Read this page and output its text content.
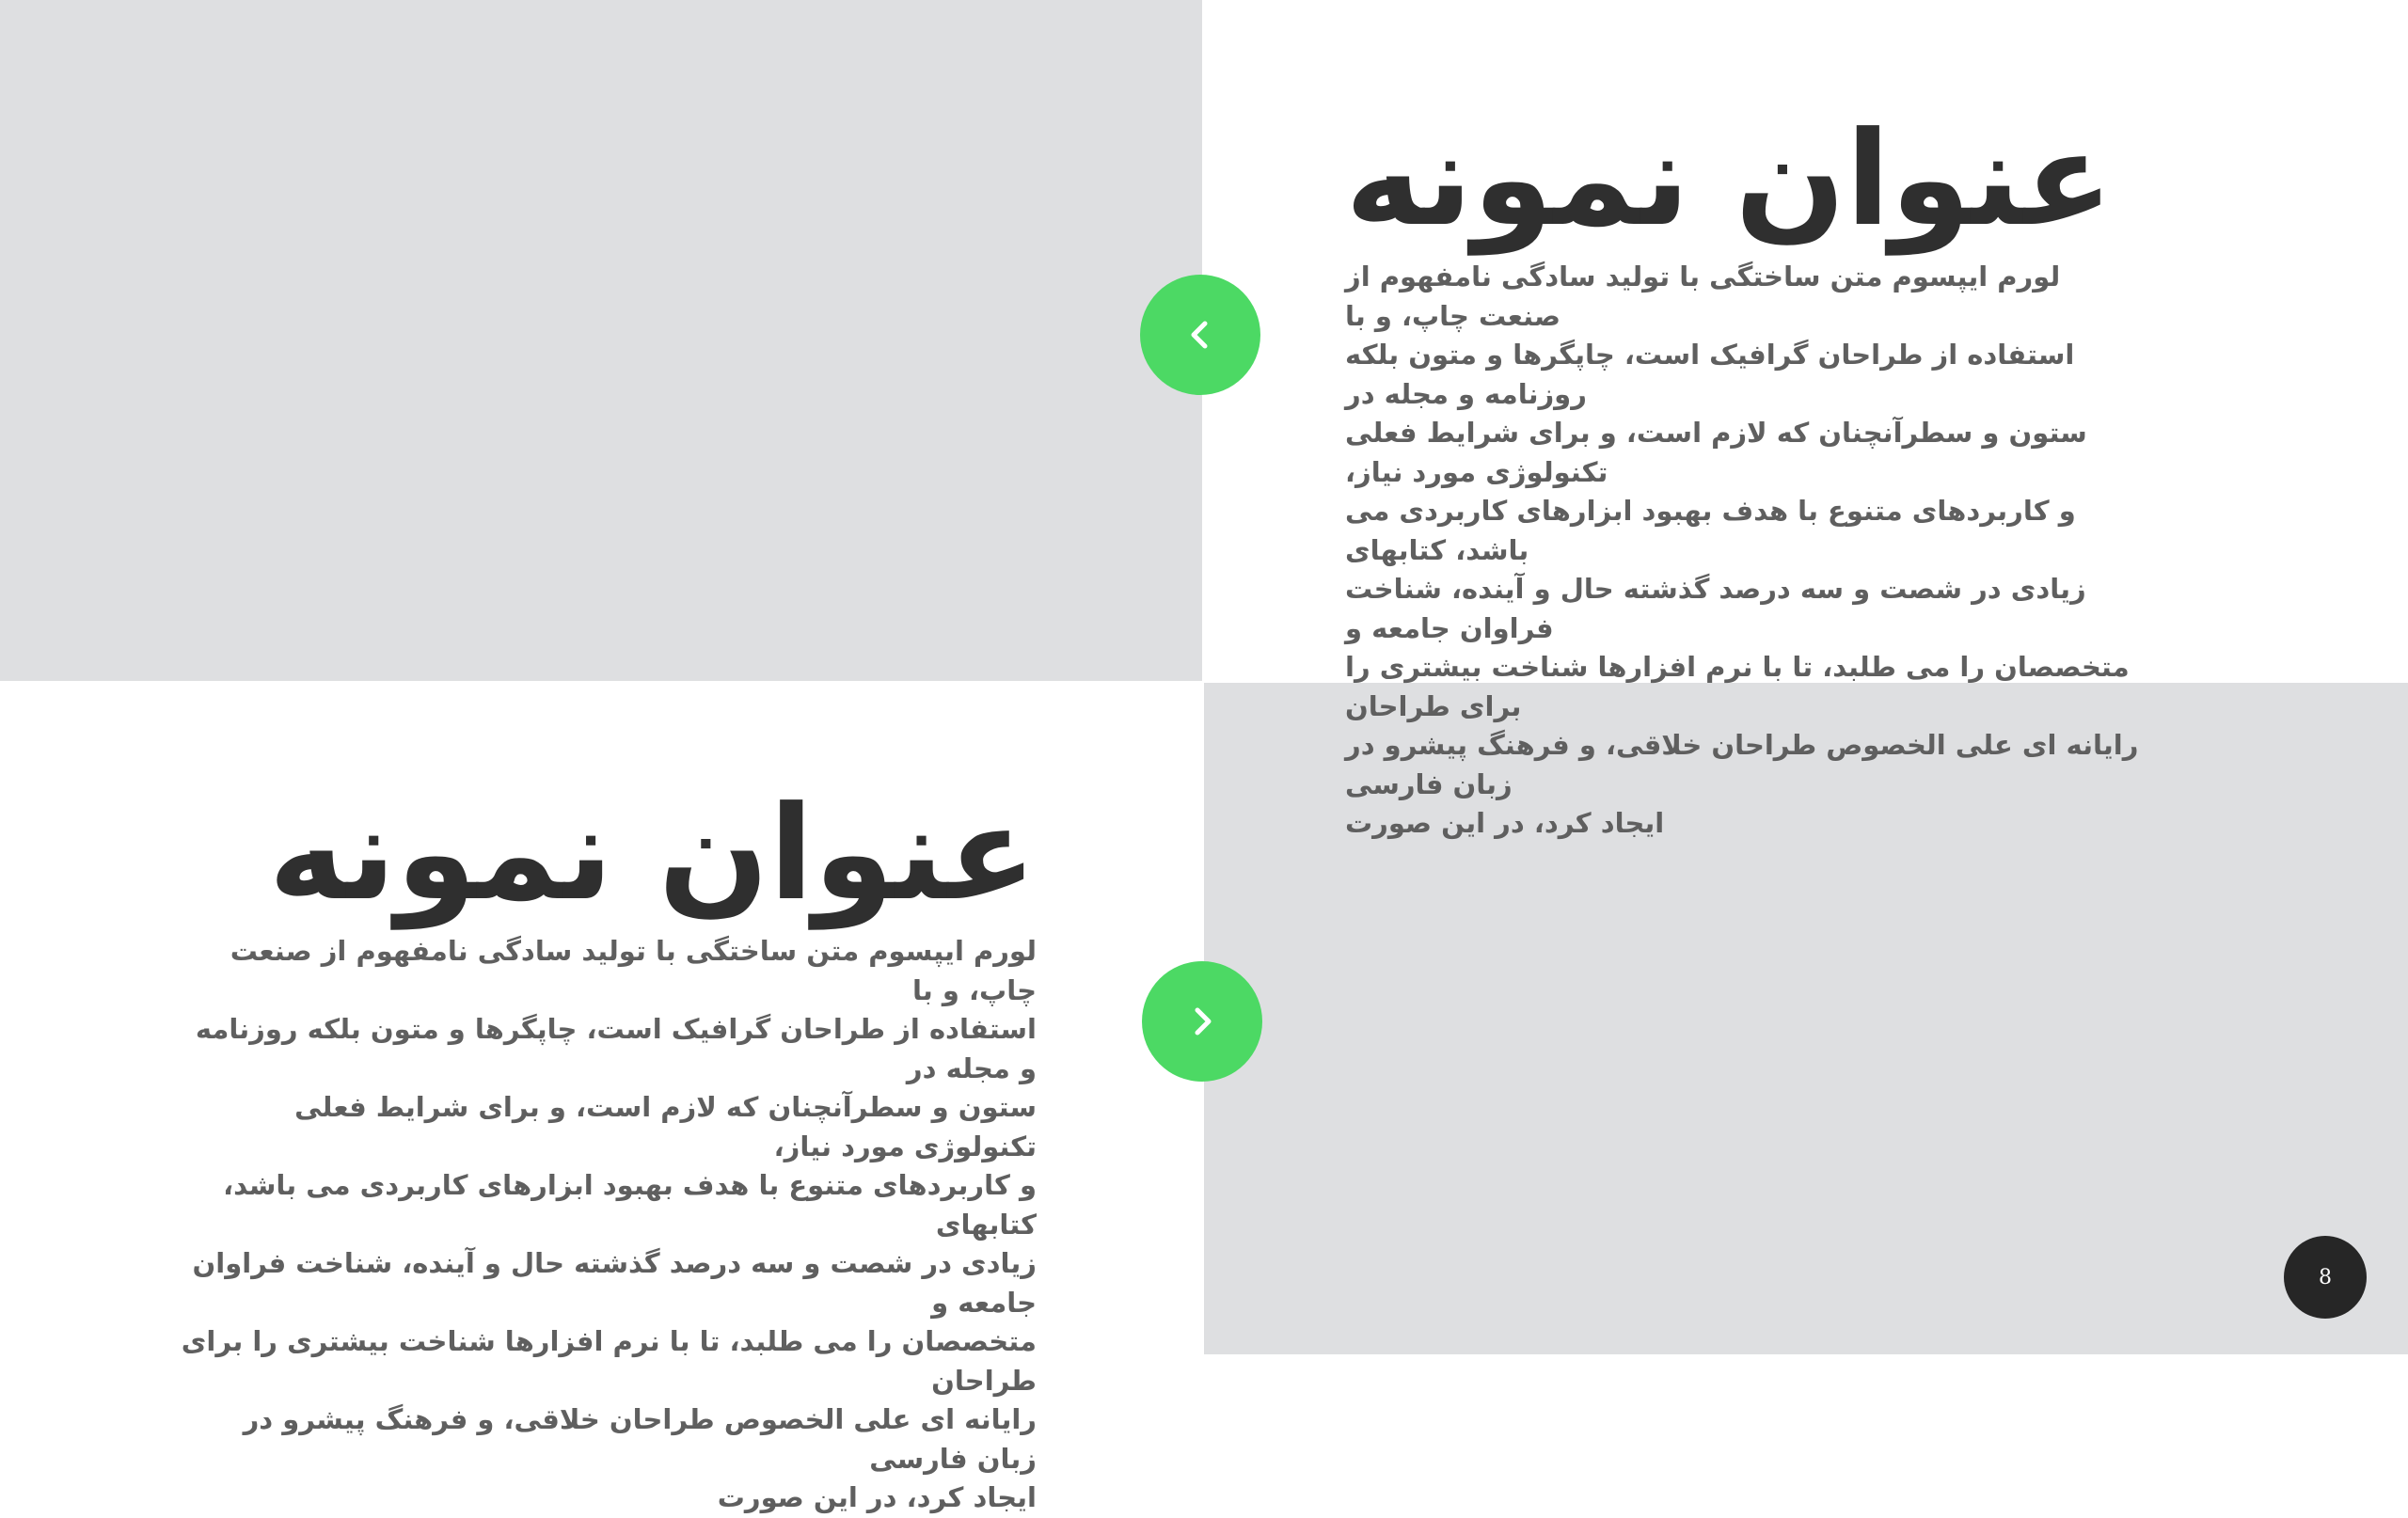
عنوان نمونه

لورم ایپسوم متن ساختگی با تولید سادگی نامفهوم از صنعت چاپ، و با
استفاده از طراحان گرافیک است، چاپگرها و متون بلکه روزنامه و مجله در
ستون و سطرآنچنان که لازم است، و برای شرایط فعلی تکنولوژی مورد نیاز،
و کاربردهای متنوع با هدف بهبود ابزارهای کاربردی می باشد، کتابهای
زیادی در شصت و سه درصد گذشته حال و آینده، شناخت فراوان جامعه و
متخصصان را می طلبد، تا با نرم افزارها شناخت بیشتری را برای طراحان
رایانه ای علی الخصوص طراحان خلاقی، و فرهنگ پیشرو در زبان فارسی
ایجاد کرد، در این صورت

عنوان نمونه

لورم ایپسوم متن ساختگی با تولید سادگی نامفهوم از صنعت چاپ، و با
استفاده از طراحان گرافیک است، چاپگرها و متون بلکه روزنامه و مجله در
ستون و سطرآنچنان که لازم است، و برای شرایط فعلی تکنولوژی مورد نیاز،
و کاربردهای متنوع با هدف بهبود ابزارهای کاربردی می باشد، کتابهای
زیادی در شصت و سه درصد گذشته حال و آینده، شناخت فراوان جامعه و
متخصصان را می طلبد، تا با نرم افزارها شناخت بیشتری را برای طراحان
رایانه ای علی الخصوص طراحان خلاقی، و فرهنگ پیشرو در زبان فارسی
ایجاد کرد، در این صورت

8
